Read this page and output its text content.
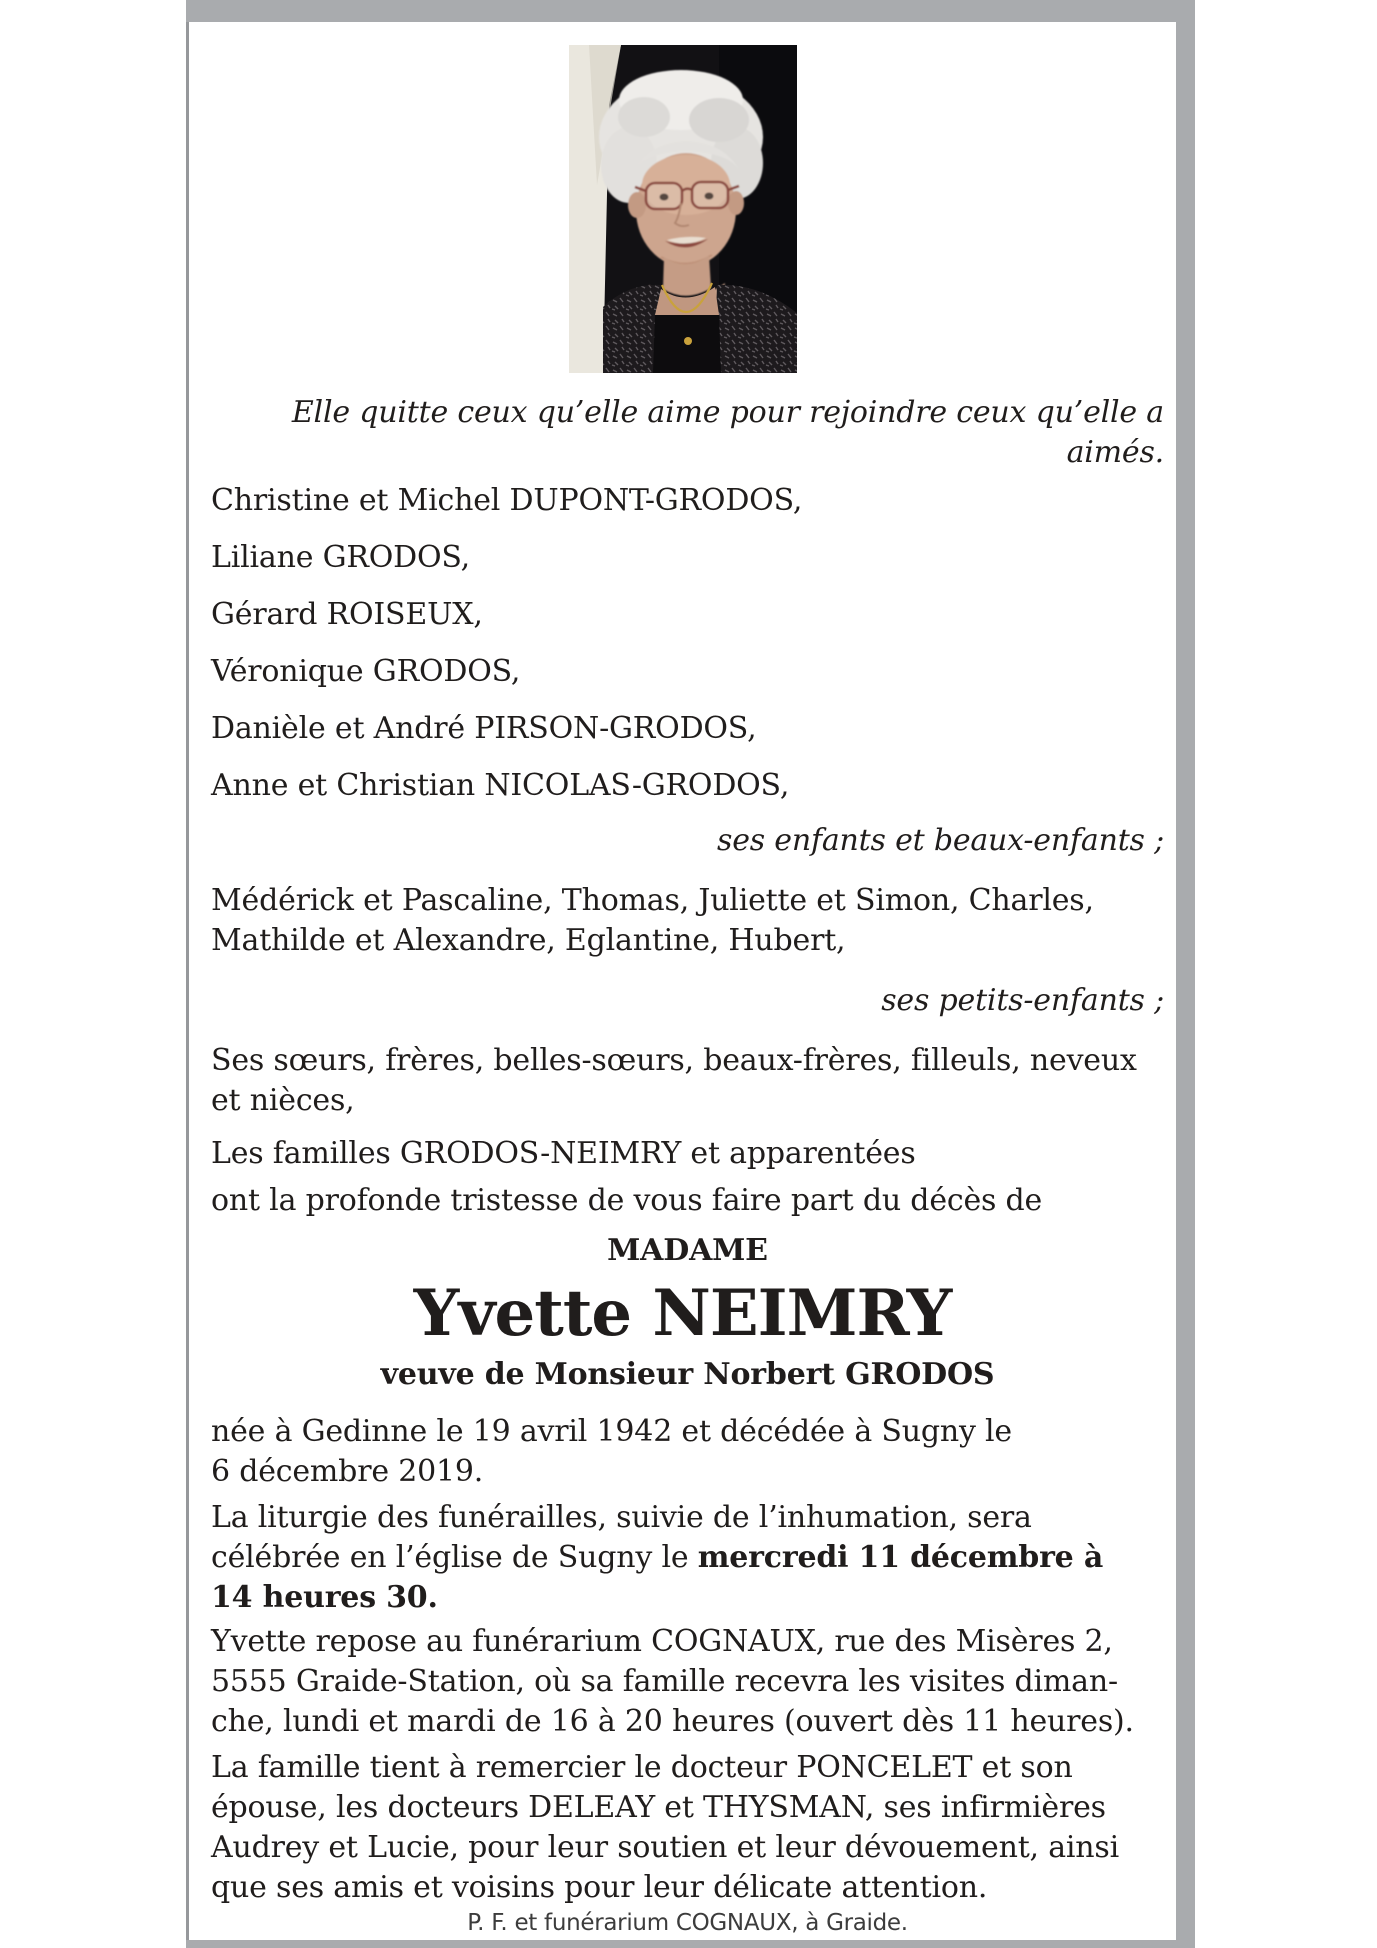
Elle quitte ceux qu’elle aime pour rejoindre ceux qu’elle a
aimés.

Christine et Michel DUPONT-GRODOS,

Liliane GRODOS,

Gérard ROISEUX,

Véronique GRODOS,

Danièle et André PIRSON-GRODOS,

Anne et Christian NICOLAS-GRODOS,

ses enfants et beaux-enfants ;

Médérick et Pascaline, Thomas, Juliette et Simon, Charles,
Mathilde et Alexandre, Eglantine, Hubert,

ses petits-enfants ;

Ses sœurs, frères, belles-sœurs, beaux-frères, filleuls, neveux
et nièces,

Les familles GRODOS-NEIMRY et apparentées

ont la profonde tristesse de vous faire part du décès de

MADAME

Yvette NEIMRY

veuve de Monsieur Norbert GRODOS

née à Gedinne le 19 avril 1942 et décédée à Sugny le
6 décembre 2019.

La liturgie des funérailles, suivie de l’inhumation, sera
célébrée en l’église de Sugny le mercredi 11 décembre à
14 heures 30.

Yvette repose au funérarium COGNAUX, rue des Misères 2,
5555 Graide-Station, où sa famille recevra les visites diman-
che, lundi et mardi de 16 à 20 heures (ouvert dès 11 heures).

La famille tient à remercier le docteur PONCELET et son
épouse, les docteurs DELEAY et THYSMAN, ses infirmières
Audrey et Lucie, pour leur soutien et leur dévouement, ainsi
que ses amis et voisins pour leur délicate attention.

P. F. et funérarium COGNAUX, à Graide.
